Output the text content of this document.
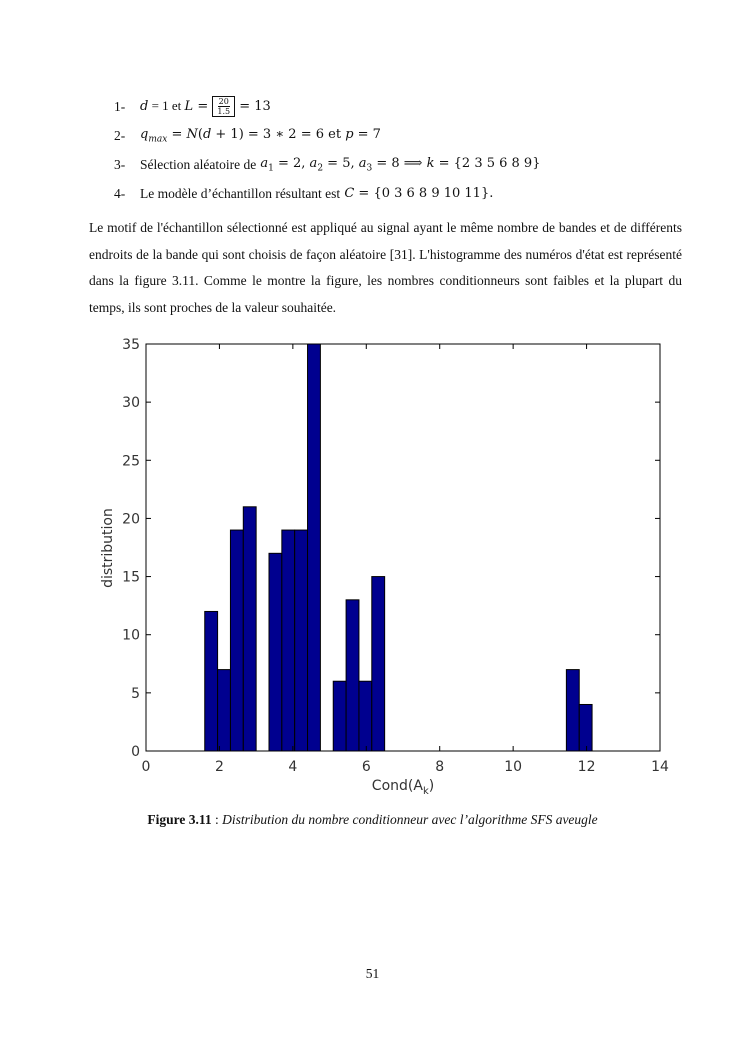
1-	d = 1 et $L = \frac{20}{1.5} = 13$
2-	$q_{max} = N(d + 1) = 3$ ∗ 2 = 6 et p = 7
3-	Sélection aléatoire de $a_1 = 2$, $a_2 = 5$, $a_3 = 8$ ⟹ k = {2 3 5 6 8 9}
4-	Le modèle d’échantillon résultant est C = {0 3 6 8 9 10 11}.
Le motif de l'échantillon sélectionné est appliqué au signal ayant le même nombre de bandes et de différents endroits de la bande qui sont choisis de façon aléatoire [31]. L'histogramme des numéros d'état est représenté dans la figure 3.11. Comme le montre la figure, les nombres conditionneurs sont faibles et la plupart du temps, ils sont proches de la valeur souhaitée.
0	2	4	6	8	10	12	14
0
5
10
15
20
25
30
35
$Cond(A_k)$
distribution
Figure 3.11 : Distribution du nombre conditionneur avec l’algorithme SFS aveugle
51
